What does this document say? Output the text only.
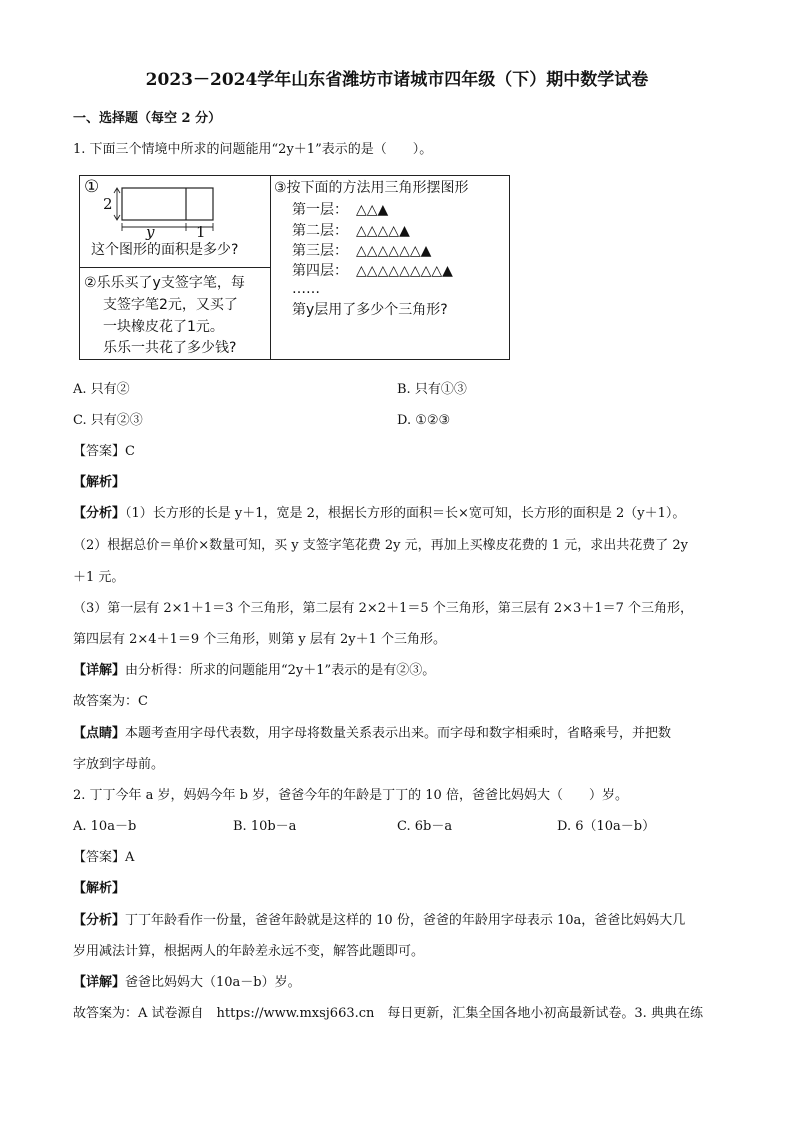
2023－2024学年山东省潍坊市诸城市四年级（下）期中数学试卷
一、选择题（每空 2 分）
1. 下面三个情境中所求的问题能用“2y＋1”表示的是（　　）。
①
2
y	1
这个图形的面积是多少?
②乐乐买了y支签字笔，每
支签字笔2元，又买了
一块橡皮花了1元。
乐乐一共花了多少钱?
③按下面的方法用三角形摆图形
第一层： △△▲
第二层： △△△△▲
第三层： △△△△△△▲
第四层： △△△△△△△△▲
……
第y层用了多少个三角形?
A. 只有②	B. 只有①③
C. 只有②③	D. ①②③
【答案】C
【解析】
【分析】（1）长方形的长是 y＋1，宽是 2，根据长方形的面积＝长×宽可知，长方形的面积是 2（y＋1）。
（2）根据总价＝单价×数量可知，买 y 支签字笔花费 2y 元，再加上买橡皮花费的 1 元，求出共花费了 2y
＋1 元。
（3）第一层有 2×1＋1＝3 个三角形，第二层有 2×2＋1＝5 个三角形，第三层有 2×3＋1＝7 个三角形，
第四层有 2×4＋1＝9 个三角形，则第 y 层有 2y＋1 个三角形。
【详解】由分析得：所求的问题能用“2y＋1”表示的是有②③。
故答案为：C
【点睛】本题考查用字母代表数，用字母将数量关系表示出来。而字母和数字相乘时，省略乘号，并把数
字放到字母前。
2. 丁丁今年 a 岁，妈妈今年 b 岁，爸爸今年的年龄是丁丁的 10 倍，爸爸比妈妈大（　　）岁。
A. 10a－b	B. 10b－a	C. 6b－a	D. 6（10a－b）
【答案】A
【解析】
【分析】丁丁年龄看作一份量，爸爸年龄就是这样的 10 份，爸爸的年龄用字母表示 10a，爸爸比妈妈大几
岁用减法计算，根据两人的年龄差永远不变，解答此题即可。
【详解】爸爸比妈妈大（10a－b）岁。
故答案为：A 试卷源自　https://www.mxsj663.cn　每日更新，汇集全国各地小初高最新试卷。3. 典典在练
